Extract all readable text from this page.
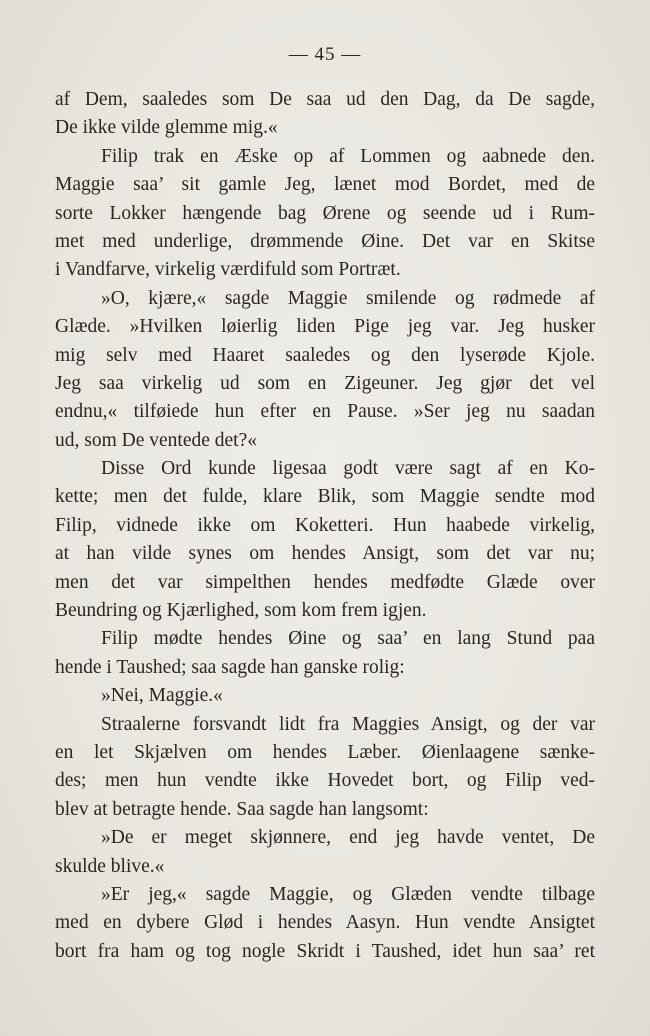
— 45 —
af Dem, saaledes som De saa ud den Dag, da De sagde,
De ikke vilde glemme mig.«
Filip trak en Æske op af Lommen og aabnede den.
Maggie saa’ sit gamle Jeg, lænet mod Bordet, med de
sorte Lokker hængende bag Ørene og seende ud i Rum-
met med underlige, drømmende Øine. Det var en Skitse
i Vandfarve, virkelig værdifuld som Portræt.
»O, kjære,« sagde Maggie smilende og rødmede af
Glæde. »Hvilken løierlig liden Pige jeg var. Jeg husker
mig selv med Haaret saaledes og den lyserøde Kjole.
Jeg saa virkelig ud som en Zigeuner. Jeg gjør det vel
endnu,« tilføiede hun efter en Pause. »Ser jeg nu saadan
ud, som De ventede det?«
Disse Ord kunde ligesaa godt være sagt af en Ko-
kette; men det fulde, klare Blik, som Maggie sendte mod
Filip, vidnede ikke om Koketteri. Hun haabede virkelig,
at han vilde synes om hendes Ansigt, som det var nu;
men det var simpelthen hendes medfødte Glæde over
Beundring og Kjærlighed, som kom frem igjen.
Filip mødte hendes Øine og saa’ en lang Stund paa
hende i Taushed; saa sagde han ganske rolig:
»Nei, Maggie.«
Straalerne forsvandt lidt fra Maggies Ansigt, og der var
en let Skjælven om hendes Læber. Øienlaagene sænke-
des; men hun vendte ikke Hovedet bort, og Filip ved-
blev at betragte hende. Saa sagde han langsomt:
»De er meget skjønnere, end jeg havde ventet, De
skulde blive.«
»Er jeg,« sagde Maggie, og Glæden vendte tilbage
med en dybere Glød i hendes Aasyn. Hun vendte Ansigtet
bort fra ham og tog nogle Skridt i Taushed, idet hun saa’ ret
